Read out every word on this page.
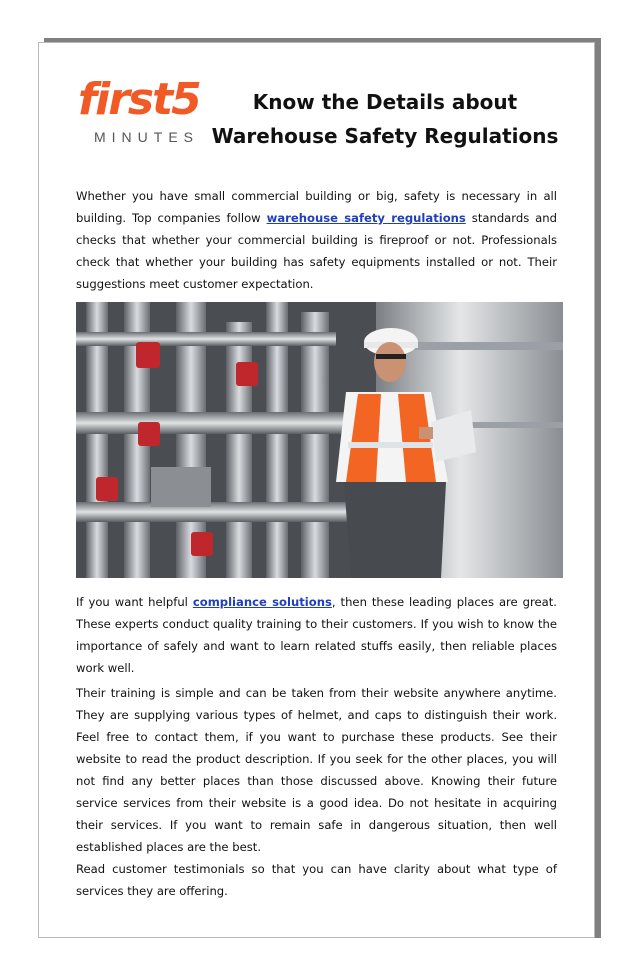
first5
MINUTES
Know the Details about
Warehouse Safety Regulations

Whether you have small commercial building or big, safety is necessary in all building. Top companies follow warehouse safety regulations standards and checks that whether your commercial building is fireproof or not. Professionals check that whether your building has safety equipments installed or not. Their suggestions meet customer expectation.

If you want helpful compliance solutions, then these leading places are great. These experts conduct quality training to their customers. If you wish to know the importance of safely and want to learn related stuffs easily, then reliable places work well.

Their training is simple and can be taken from their website anywhere anytime. They are supplying various types of helmet, and caps to distinguish their work. Feel free to contact them, if you want to purchase these products. See their website to read the product description. If you seek for the other places, you will not find any better places than those discussed above. Knowing their future service services from their website is a good idea. Do not hesitate in acquiring their services. If you want to remain safe in dangerous situation, then well established places are the best.

Read customer testimonials so that you can have clarity about what type of services they are offering.
